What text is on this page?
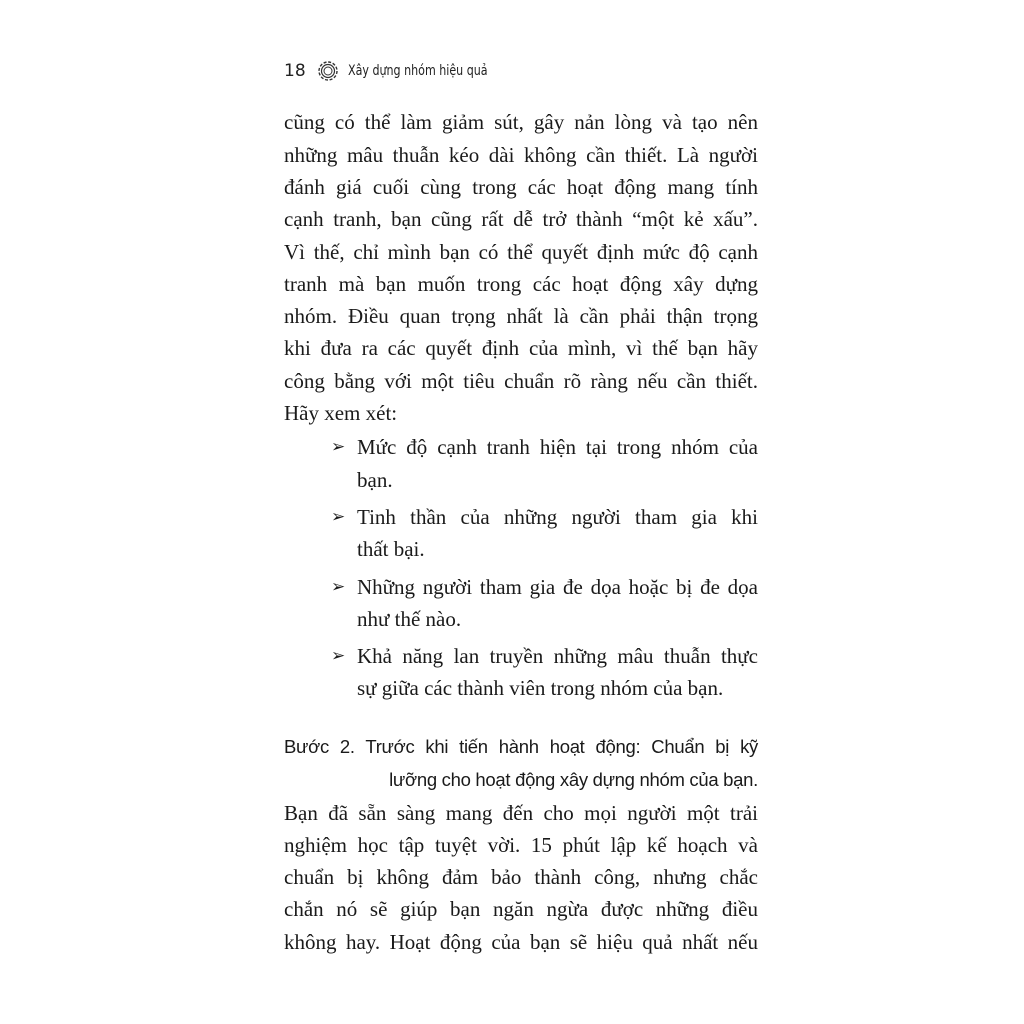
18	Xây dựng nhóm hiệu quả
cũng có thể làm giảm sút, gây nản lòng và tạo nên
những mâu thuẫn kéo dài không cần thiết. Là người
đánh giá cuối cùng trong các hoạt động mang tính
cạnh tranh, bạn cũng rất dễ trở thành “một kẻ xấu”.
Vì thế, chỉ mình bạn có thể quyết định mức độ cạnh
tranh mà bạn muốn trong các hoạt động xây dựng
nhóm. Điều quan trọng nhất là cần phải thận trọng
khi đưa ra các quyết định của mình, vì thế bạn hãy
công bằng với một tiêu chuẩn rõ ràng nếu cần thiết.
Hãy xem xét:
➢ Mức độ cạnh tranh hiện tại trong nhóm của
bạn.
➢ Tinh thần của những người tham gia khi
thất bại.
➢ Những người tham gia đe dọa hoặc bị đe dọa
như thế nào.
➢ Khả năng lan truyền những mâu thuẫn thực
sự giữa các thành viên trong nhóm của bạn.
Bước 2. Trước khi tiến hành hoạt động: Chuẩn bị kỹ
lưỡng cho hoạt động xây dựng nhóm của bạn.
Bạn đã sẵn sàng mang đến cho mọi người một trải
nghiệm học tập tuyệt vời. 15 phút lập kế hoạch và
chuẩn bị không đảm bảo thành công, nhưng chắc
chắn nó sẽ giúp bạn ngăn ngừa được những điều
không hay. Hoạt động của bạn sẽ hiệu quả nhất nếu
